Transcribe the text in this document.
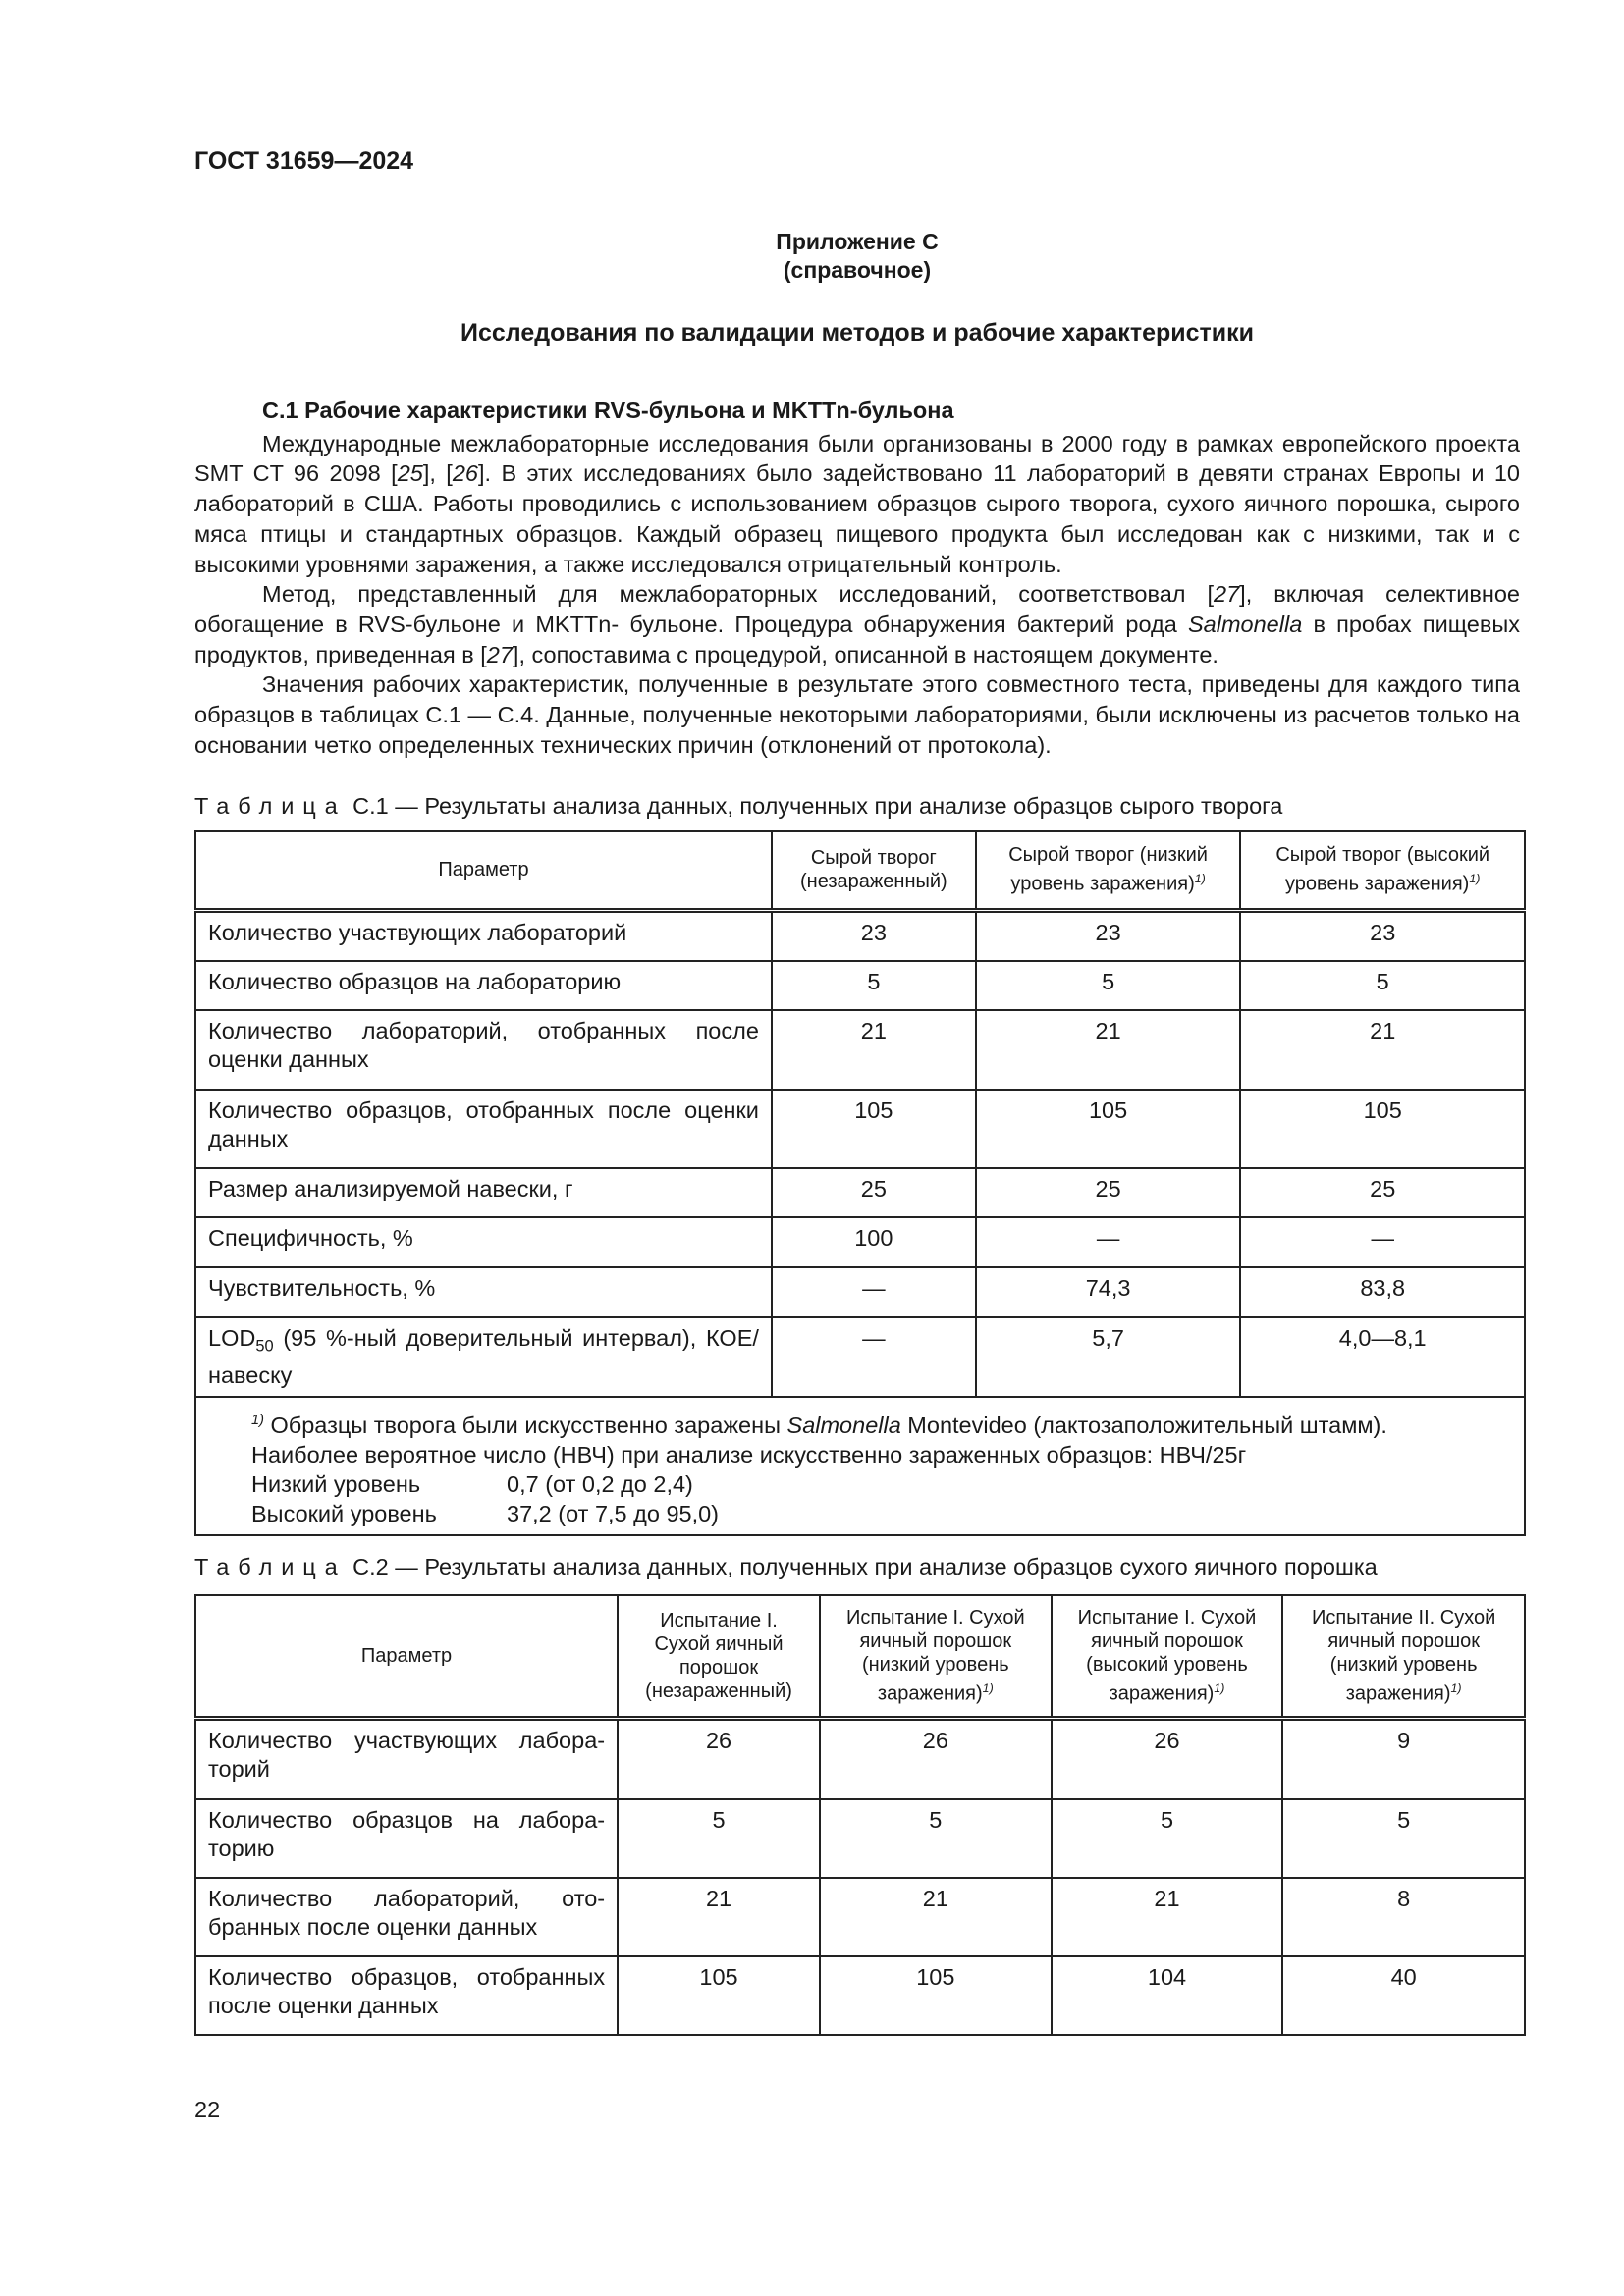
ГОСТ 31659—2024
Приложение С
(справочное)
Исследования по валидации методов и рабочие характеристики
С.1 Рабочие характеристики RVS-бульона и MKTTn-бульона

Международные межлабораторные исследования были организованы в 2000 году в рамках европейского проекта SMT CT 96 2098 [25], [26]. В этих исследованиях было задействовано 11 лабораторий в девяти странах Европы и 10 лабораторий в США. Работы проводились с использованием образцов сырого творога, сухого яичного порошка, сырого мяса птицы и стандартных образцов. Каждый образец пищевого продукта был исследован как с низкими, так и с высокими уровнями заражения, а также исследовался отрицательный контроль.

Метод, представленный для межлабораторных исследований, соответствовал [27], включая селективное обогащение в RVS-бульоне и MKTTn- бульоне. Процедура обнаружения бактерий рода Salmonella в пробах пищевых продуктов, приведенная в [27], сопоставима с процедурой, описанной в настоящем документе.

Значения рабочих характеристик, полученные в результате этого совместного теста, приведены для каждого типа образцов в таблицах С.1 — С.4. Данные, полученные некоторыми лабораториями, были исключены из расчетов только на основании четко определенных технических причин (отклонений от протокола).

Таблица С.1 — Результаты анализа данных, полученных при анализе образцов сырого творога
Параметр	Сырой творог (незараженный)	Сырой творог (низкий уровень заражения)$^{1)}$	Сырой творог (высокий уровень заражения)$^{1)}$
Количество участвующих лабораторий	23	23	23
Количество образцов на лабораторию	5	5	5
Количество лабораторий, отобранных после оценки данных	21	21	21
Количество образцов, отобранных после оценки данных	105	105	105
Размер анализируемой навески, г	25	25	25
Специфичность, %	100	—	—
Чувствительность, %	—	74,3	83,8
$LOD_{50}$ (95 %-ный доверительный интервал), КОЕ/навеску	—	5,7	4,0—8,1

$^{1)}$ Образцы творога были искусственно заражены Salmonella Montevideo (лактозаположительный штамм).
Наиболее вероятное число (НВЧ) при анализе искусственно зараженных образцов: НВЧ/25г
Низкий уровень 0,7 (от 0,2 до 2,4)
Высокий уровень 37,2 (от 7,5 до 95,0)			
Таблица С.2 — Результаты анализа данных, полученных при анализе образцов сухого яичного порошка
Параметр	Испытание I. Сухой яичный порошок (незараженный)	Испытание I. Сухой яичный порошок (низкий уровень заражения)$^{1)}$	Испытание I. Сухой яичный порошок (высокий уровень заражения)$^{1)}$	Испытание II. Сухой яичный порошок (низкий уровень заражения)$^{1)}$
Количество участвующих лабораторий	26	26	26	9
Количество образцов на лабораторию	5	5	5	5
Количество лабораторий, отобранных после оценки данных	21	21	21	8
Количество образцов, отобранных после оценки данных	105	105	104	40
22
